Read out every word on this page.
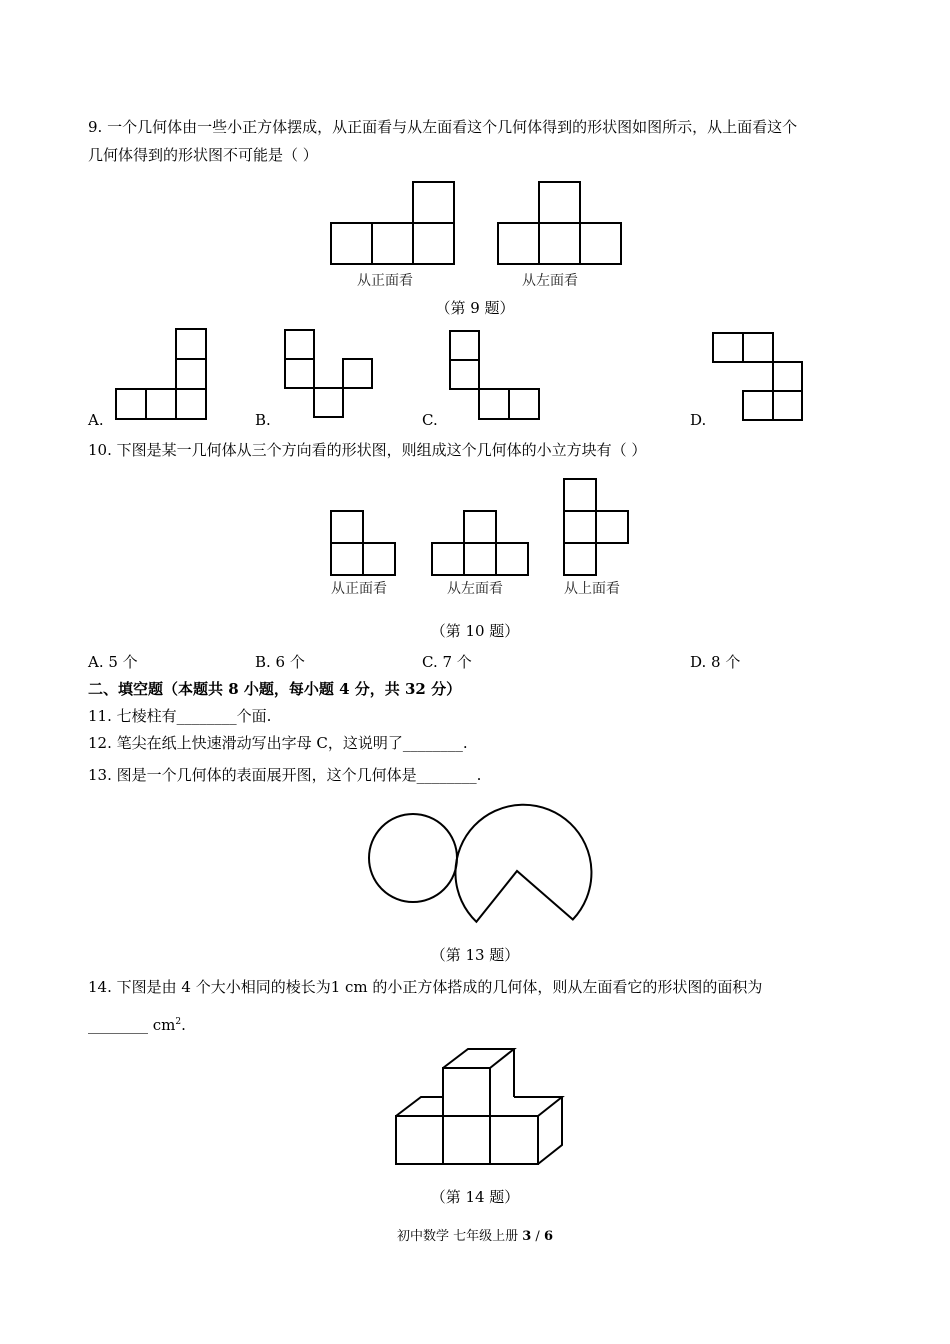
9. 一个几何体由一些小正方体摆成，从正面看与从左面看这个几何体得到的形状图如图所示，从上面看这个
几何体得到的形状图不可能是（ ）
从正面看	从左面看
（第 9 题）
A.	B.	C.	D.
10. 下图是某一几何体从三个方向看的形状图，则组成这个几何体的小立方块有（ ）
从正面看	从左面看	从上面看
（第 10 题）
A. 5 个	B. 6 个	C. 7 个	D. 8 个
二、填空题（本题共 8 小题，每小题 4 分，共 32 分）
11. 七棱柱有________个面.
12. 笔尖在纸上快速滑动写出字母 C，这说明了________.
13. 图是一个几何体的表面展开图，这个几何体是________.
（第 13 题）
14. 下图是由 4 个大小相同的棱长为1 cm 的小正方体搭成的几何体，则从左面看它的形状图的面积为
________ $cm^2$.
（第 14 题）
初中数学 七年级上册 3 / 6
